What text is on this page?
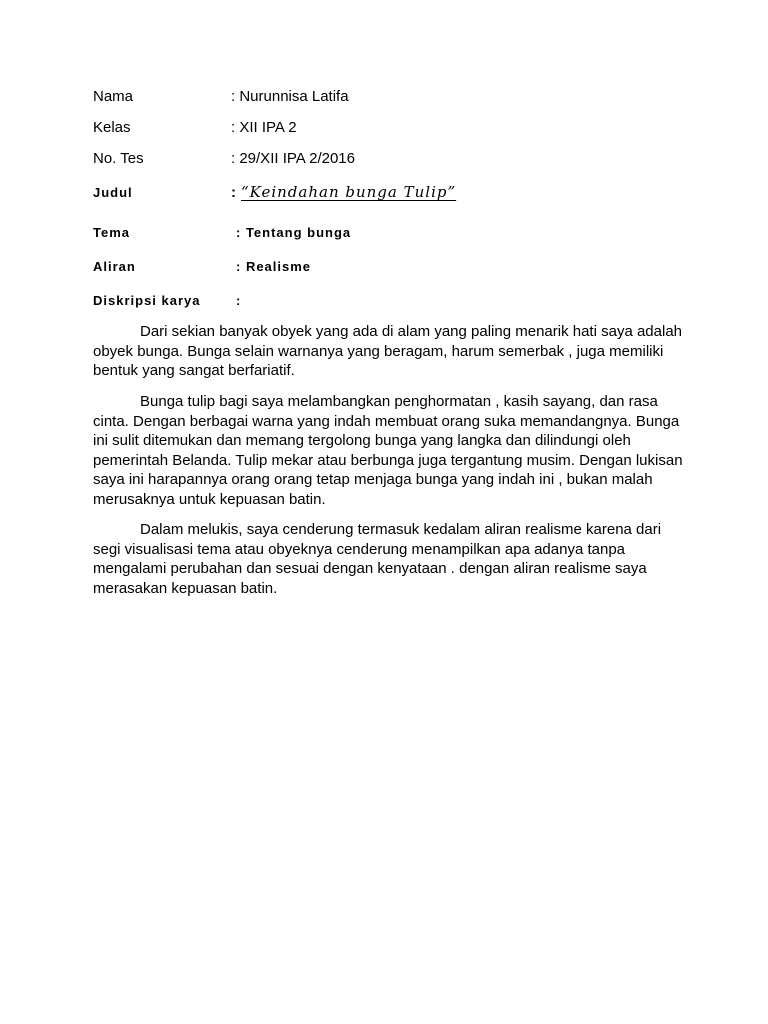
Nama	: Nurunnisa Latifa
Kelas	: XII IPA 2
No. Tes	: 29/XII IPA 2/2016
Judul	: “Keindahan bunga Tulip”
Tema	: Tentang bunga
Aliran	: Realisme
Diskripsi karya	:

Dari sekian banyak obyek yang ada di alam yang paling menarik hati saya adalah obyek bunga. Bunga selain warnanya yang beragam, harum semerbak , juga memiliki bentuk yang sangat berfariatif.

Bunga tulip bagi saya melambangkan penghormatan , kasih sayang, dan rasa cinta. Dengan berbagai warna yang indah membuat orang suka memandangnya. Bunga ini sulit ditemukan dan memang tergolong bunga yang langka dan dilindungi oleh pemerintah Belanda. Tulip mekar atau berbunga juga tergantung musim. Dengan lukisan saya ini harapannya orang orang tetap menjaga bunga yang indah ini , bukan malah merusaknya untuk kepuasan batin.

Dalam melukis, saya cenderung termasuk kedalam aliran realisme karena dari segi visualisasi tema atau obyeknya cenderung menampilkan apa adanya tanpa mengalami perubahan dan sesuai dengan kenyataan . dengan aliran realisme saya merasakan kepuasan batin.
